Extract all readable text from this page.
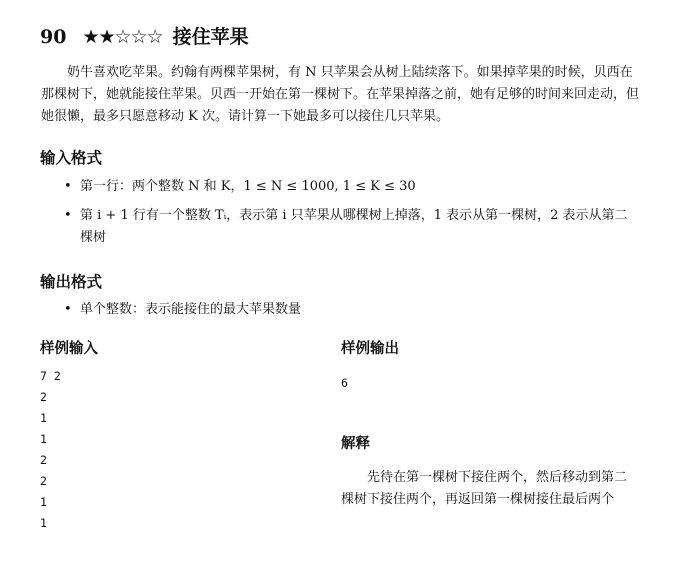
90 ★★☆☆☆ 接住苹果

奶牛喜欢吃苹果。约翰有两棵苹果树，有 N 只苹果会从树上陆续落下。如果掉苹果的时候，贝西在那棵树下，她就能接住苹果。贝西一开始在第一棵树下。在苹果掉落之前，她有足够的时间来回走动，但她很懒，最多只愿意移动 K 次。请计算一下她最多可以接住几只苹果。

输入格式
• 第一行：两个整数 N 和 K，1 ≤ N ≤ 1000, 1 ≤ K ≤ 30
• 第 i + 1 行有一个整数 Tᵢ，表示第 i 只苹果从哪棵树上掉落，1 表示从第一棵树，2 表示从第二棵树
输出格式
• 单个整数：表示能接住的最大苹果数量
样例输入
7 2
2
1
1
2
2
1
1
样例输出
6
解释

先待在第一棵树下接住两个，然后移动到第二棵树下接住两个，再返回第一棵树接住最后两个
